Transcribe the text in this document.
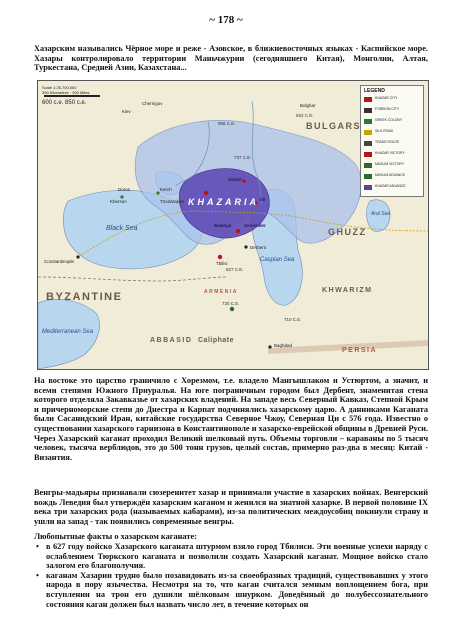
~ 178 ~

Хазарским назывались Чёрное море и реже - Азовское, в ближневосточных языках - Каспийское море. Хазары контролировало территории Маньчжурии (сегодняшнего Китая), Монголии, Алтая, Туркестана, Средней Азии, Казахстана...

Scale 1:25,700,000
300 Kilometres · 300 Miles
600 c.e. 850 c.e.
LEGEND
KHAZAR CITY
FOREIGN CITY
GREEK COLONY
SILK ROAD
TRADE ROUTE
KHAZAR VICTORY
MUSLIM VICTORY
MUSLIM ADVANCE
KHAZAR ADVANCE
BULGARS
BYZANTINE
GHUZZ
KHWARIZM
PERSIA
ABBASID Caliphate
ARMENIA
KHAZARIA
Black Sea
Caspian Sea
Aral Sea
Mediterranean Sea
Constantinople
Kherson
Doros	Kerch
Tmutarakan
Sarkel
Itil
Semender
Balanjar
Derbent
Tbilisi
Baghdad
Kiev
Chernigov	Bolghar
965 C.E.
922 C.E.
737 C.E.
730 C.E.
627 C.E.
710 C.E.

На востоке это царство граничило с Хорезмом, т.е. владело Мангышлаком и Устюртом, а значит, и всеми степями Южного Приуралья. На юге пограничным городом был Дербент, знаменитая стена которого отделяла Закавказье от хазарских владений. На западе весь Северный Кавказ, Степной Крым и причерноморские степи до Днестра и Карпат подчинялись хазарскому царю. А данниками Каганата были Сасанидский Иран, китайские государства Северное Чжоу, Северная Ци с 576 года. Известно о существовании хазарского гарнизона в Константинополе и хазарско-еврейской общины в Древней Руси. Через Хазарский каганат проходил Великий шелковый путь. Объемы торговли – караваны по 5 тысяч человек, тысяча верблюдов, это до 500 тонн грузов, целый состав, примерно раз-два в месяц: Китай - Византия.

Венгры-мадьяры признавали сюзеренитет хазар и принимали участие в хазарских войнах. Венгерский вождь Леведия был утверждён хазарским каганом и женился на знатной хазарке. В первой половине IX века три хазарских рода (называемых кабарами), из-за политических междоусобиц покинули страну и ушли на запад - так появились современные венгры.

Любопытные факты о хазарском каганате:

• в 627 году войско Хазарского каганата штурмом взяло город Тбилиси. Эти военные успехи наряду с ослаблением Тюркского каганата и позволили создать Хазарский каганат. Мощное войско стало залогом его благополучия.
• каганам Хазарии трудно было позавидовать из-за своеобразных традиций, существовавших у этого народа в пору язычества. Несмотря на то, что каган считался земным воплощением бога, при вступлении на трон его душили шёлковым шнурком. Доведённый до полубессознательного состояния каган должен был назвать число лет, в течение которых он
